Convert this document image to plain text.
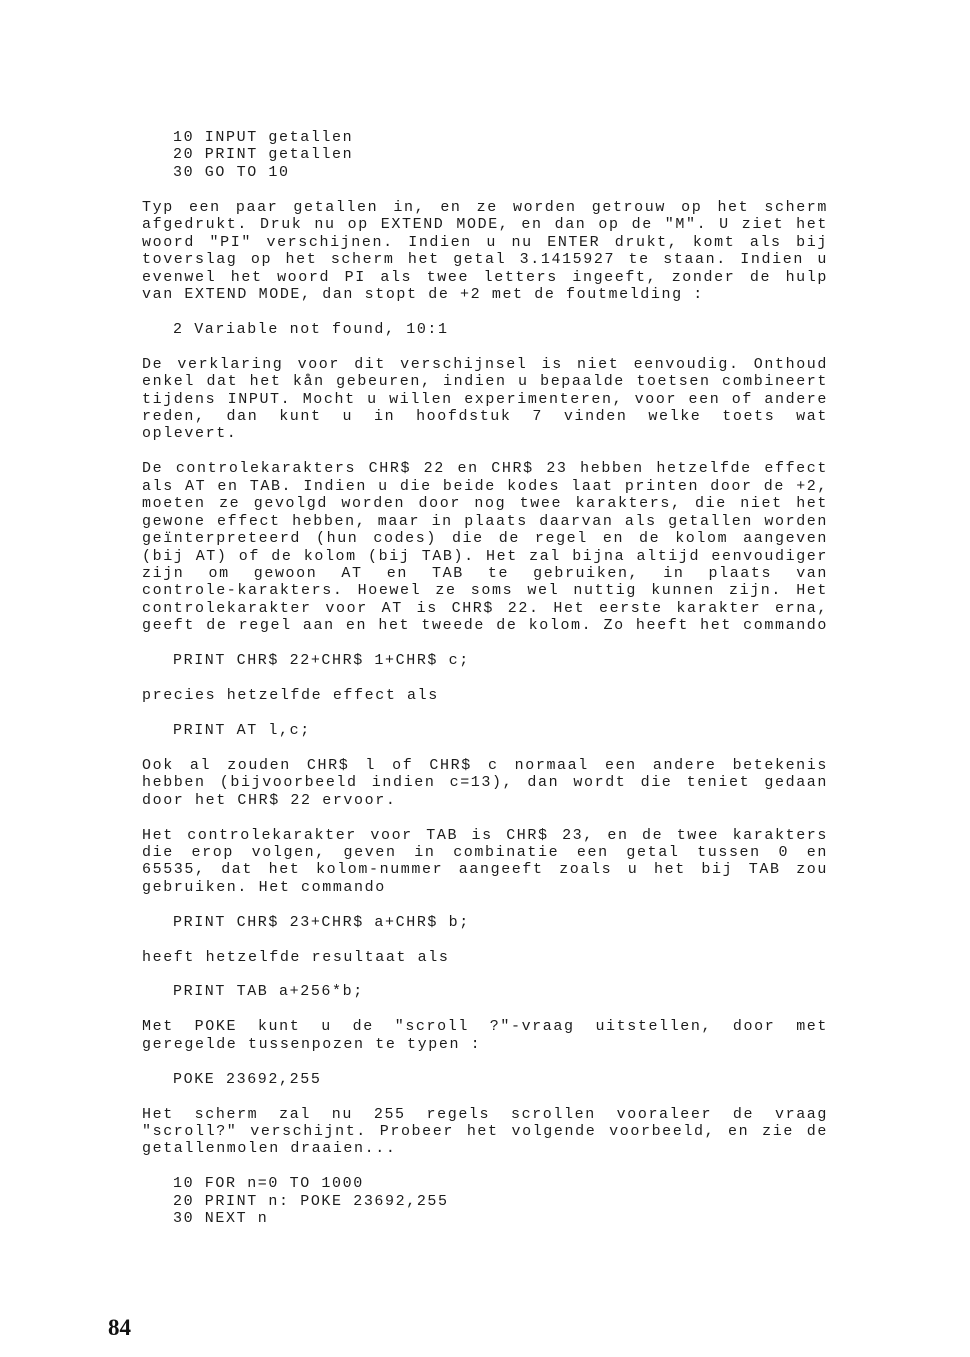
10 INPUT getallen
20 PRINT getallen
30 GO TO 10
Typ een paar getallen in, en ze worden getrouw op het scherm
afgedrukt. Druk nu op EXTEND MODE, en dan op de "M". U ziet het
woord "PI" verschijnen. Indien u nu ENTER drukt, komt als bij
toverslag op het scherm het getal 3.1415927 te staan. Indien u
evenwel het woord PI als twee letters ingeeft, zonder de hulp
van EXTEND MODE, dan stopt de +2 met de foutmelding :
2 Variable not found, 10:1
De verklaring voor dit verschijnsel is niet eenvoudig. Onthoud
enkel dat het kån gebeuren, indien u bepaalde toetsen combineert
tijdens INPUT. Mocht u willen experimenteren, voor een of andere
reden, dan kunt u in hoofdstuk 7 vinden welke toets wat
oplevert.
De controlekarakters CHR$ 22 en CHR$ 23 hebben hetzelfde effect
als AT en TAB. Indien u die beide kodes laat printen door de +2,
moeten ze gevolgd worden door nog twee karakters, die niet het
gewone effect hebben, maar in plaats daarvan als getallen worden
geïnterpreteerd (hun codes) die de regel en de kolom aangeven
(bij AT) of de kolom (bij TAB). Het zal bijna altijd eenvoudiger
zijn om gewoon AT en TAB te gebruiken, in plaats van
controle-karakters. Hoewel ze soms wel nuttig kunnen zijn. Het
controlekarakter voor AT is CHR$ 22. Het eerste karakter erna,
geeft de regel aan en het tweede de kolom. Zo heeft het commando
PRINT CHR$ 22+CHR$ 1+CHR$ c;
precies hetzelfde effect als
PRINT AT l,c;
Ook al zouden CHR$ l of CHR$ c normaal een andere betekenis
hebben (bijvoorbeeld indien c=13), dan wordt die teniet gedaan
door het CHR$ 22 ervoor.
Het controlekarakter voor TAB is CHR$ 23, en de twee karakters
die erop volgen, geven in combinatie een getal tussen 0 en
65535, dat het kolom-nummer aangeeft zoals u het bij TAB zou
gebruiken. Het commando
PRINT CHR$ 23+CHR$ a+CHR$ b;
heeft hetzelfde resultaat als
PRINT TAB a+256*b;
Met POKE kunt u de "scroll ?"-vraag uitstellen, door met
geregelde tussenpozen te typen :
POKE 23692,255
Het scherm zal nu 255 regels scrollen vooraleer de vraag
"scroll?" verschijnt. Probeer het volgende voorbeeld, en zie de
getallenmolen draaien...
10 FOR n=0 TO 1000
20 PRINT n: POKE 23692,255
30 NEXT n
84
